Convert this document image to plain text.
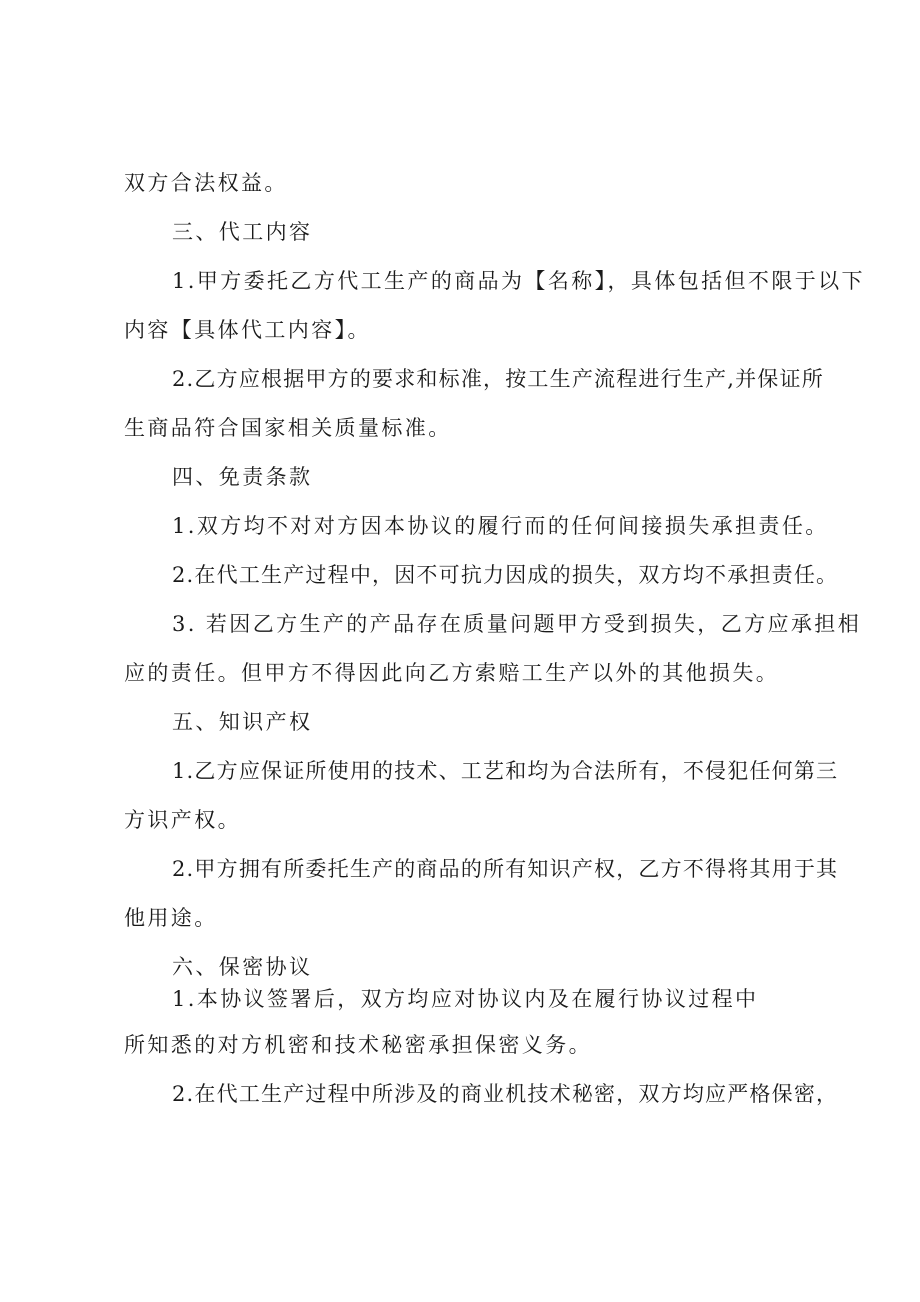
双方合法权益。
三、代工内容
1.甲方委托乙方代工生产的商品为【名称】，具体包括但不限于以下
内容【具体代工内容】。
2.乙方应根据甲方的要求和标准，按工生产流程进行生产,并保证所
生商品符合国家相关质量标准。
四、免责条款
1.双方均不对对方因本协议的履行而的任何间接损失承担责任。
2.在代工生产过程中，因不可抗力因成的损失，双方均不承担责任。
3. 若因乙方生产的产品存在质量问题甲方受到损失，乙方应承担相
应的责任。但甲方不得因此向乙方索赔工生产以外的其他损失。
五、知识产权
1.乙方应保证所使用的技术、工艺和均为合法所有，不侵犯任何第三
方识产权。
2.甲方拥有所委托生产的商品的所有知识产权，乙方不得将其用于其
他用途。
六、保密协议
1.本协议签署后，双方均应对协议内及在履行协议过程中
所知悉的对方机密和技术秘密承担保密义务。
2.在代工生产过程中所涉及的商业机技术秘密，双方均应严格保密，
